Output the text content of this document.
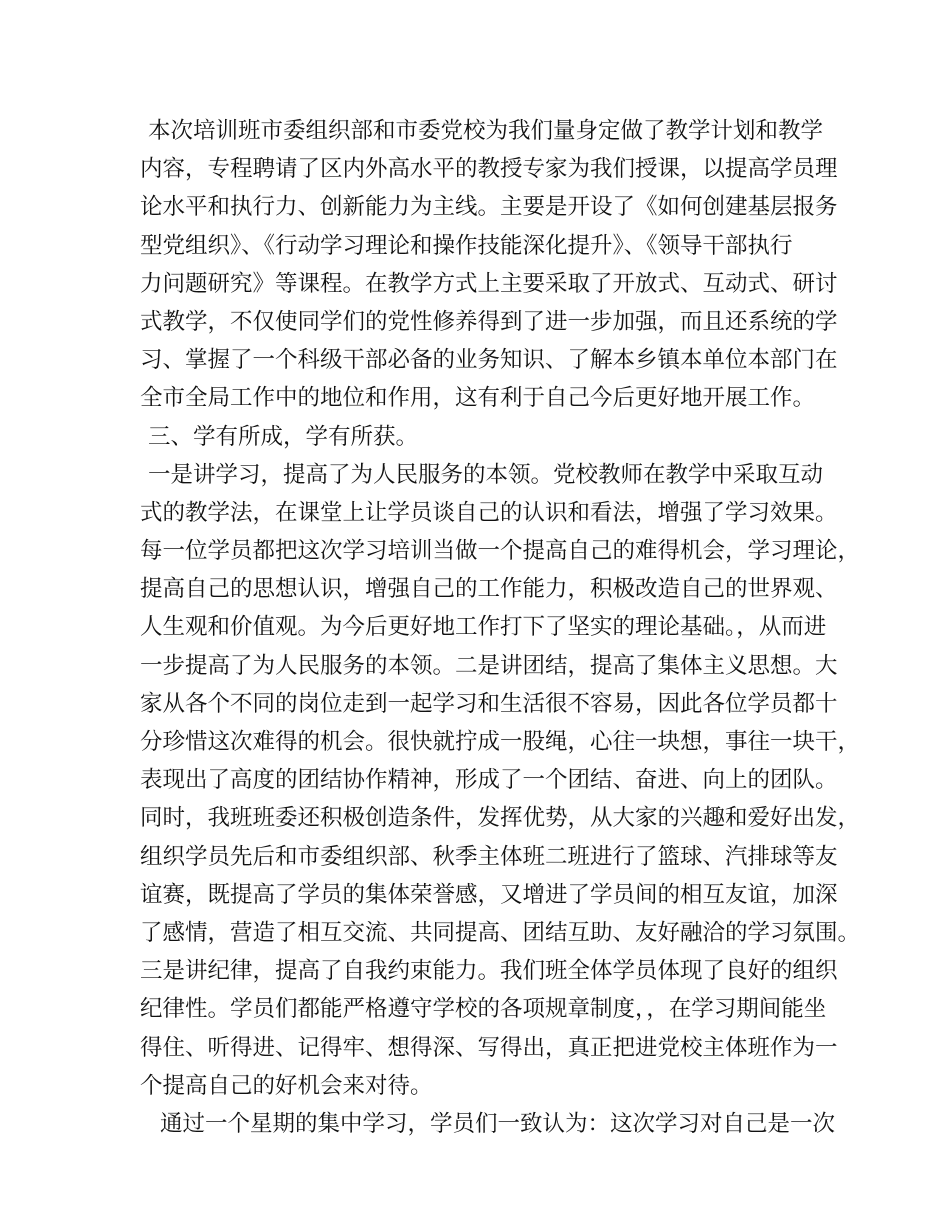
本次培训班市委组织部和市委党校为我们量身定做了教学计划和教学
内容，专程聘请了区内外高水平的教授专家为我们授课，以提高学员理
论水平和执行力、创新能力为主线。主要是开设了《如何创建基层报务
型党组织》、《行动学习理论和操作技能深化提升》、《领导干部执行
力问题研究》等课程。在教学方式上主要采取了开放式、互动式、研讨
式教学，不仅使同学们的党性修养得到了进一步加强，而且还系统的学
习、掌握了一个科级干部必备的业务知识、了解本乡镇本单位本部门在
全市全局工作中的地位和作用，这有利于自己今后更好地开展工作。
三、学有所成，学有所获。
一是讲学习，提高了为人民服务的本领。党校教师在教学中采取互动
式的教学法，在课堂上让学员谈自己的认识和看法，增强了学习效果。
每一位学员都把这次学习培训当做一个提高自己的难得机会，学习理论，
提高自己的思想认识，增强自己的工作能力，积极改造自己的世界观、
人生观和价值观。为今后更好地工作打下了坚实的理论基础。，从而进
一步提高了为人民服务的本领。二是讲团结，提高了集体主义思想。大
家从各个不同的岗位走到一起学习和生活很不容易，因此各位学员都十
分珍惜这次难得的机会。很快就拧成一股绳，心往一块想，事往一块干，
表现出了高度的团结协作精神，形成了一个团结、奋进、向上的团队。
同时，我班班委还积极创造条件，发挥优势，从大家的兴趣和爱好出发，
组织学员先后和市委组织部、秋季主体班二班进行了篮球、汽排球等友
谊赛，既提高了学员的集体荣誉感，又增进了学员间的相互友谊，加深
了感情，营造了相互交流、共同提高、团结互助、友好融洽的学习氛围。
三是讲纪律，提高了自我约束能力。我们班全体学员体现了良好的组织
纪律性。学员们都能严格遵守学校的各项规章制度，，在学习期间能坐
得住、听得进、记得牢、想得深、写得出，真正把进党校主体班作为一
个提高自己的好机会来对待。
通过一个星期的集中学习，学员们一致认为：这次学习对自己是一次
